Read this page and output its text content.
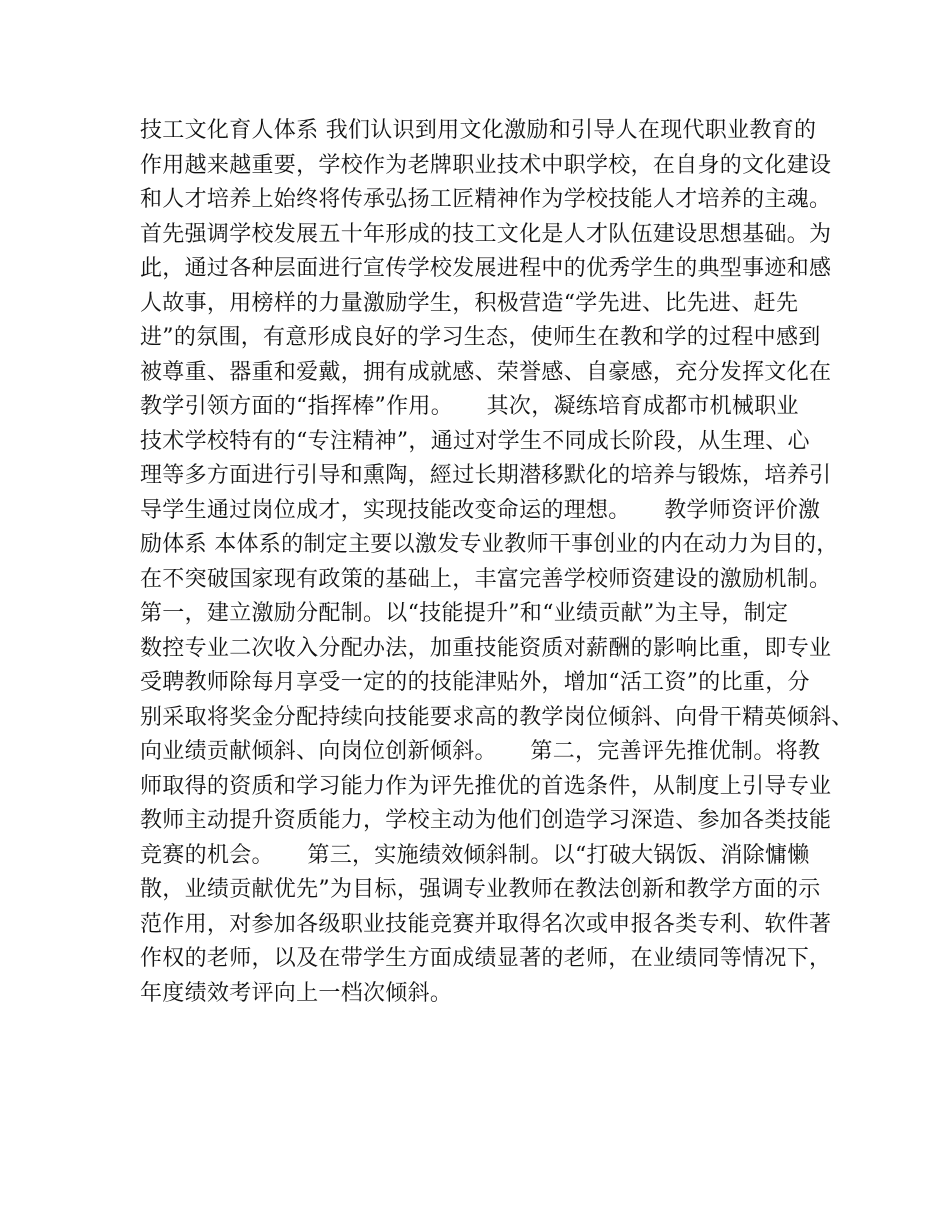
技工文化育人体系 我们认识到用文化激励和引导人在现代职业教育的
作用越来越重要，学校作为老牌职业技术中职学校，在自身的文化建设
和人才培养上始终将传承弘扬工匠精神作为学校技能人才培养的主魂。
首先强调学校发展五十年形成的技工文化是人才队伍建设思想基础。为
此，通过各种层面进行宣传学校发展进程中的优秀学生的典型事迹和感
人故事，用榜样的力量激励学生，积极营造“学先进、比先进、赶先
进”的氛围，有意形成良好的学习生态，使师生在教和学的过程中感到
被尊重、器重和爱戴，拥有成就感、荣誉感、自豪感，充分发挥文化在
教学引领方面的“指挥棒”作用。　　其次，凝练培育成都市机械职业
技术学校特有的“专注精神”，通过对学生不同成长阶段，从生理、心
理等多方面进行引导和熏陶，經过长期潜移默化的培养与锻炼，培养引
导学生通过岗位成才，实现技能改变命运的理想。　　教学师资评价激
励体系 本体系的制定主要以激发专业教师干事创业的内在动力为目的，
在不突破国家现有政策的基础上，丰富完善学校师资建设的激励机制。
第一，建立激励分配制。以“技能提升”和“业绩贡献”为主导，制定
数控专业二次收入分配办法，加重技能资质对薪酬的影响比重，即专业
受聘教师除每月享受一定的的技能津贴外，增加“活工资”的比重，分
别采取将奖金分配持续向技能要求高的教学岗位倾斜、向骨干精英倾斜、
向业绩贡献倾斜、向岗位创新倾斜。　　第二，完善评先推优制。将教
师取得的资质和学习能力作为评先推优的首选条件，从制度上引导专业
教师主动提升资质能力，学校主动为他们创造学习深造、参加各类技能
竞赛的机会。　　第三，实施绩效倾斜制。以“打破大锅饭、消除慵懒
散，业绩贡献优先”为目标，强调专业教师在教法创新和教学方面的示
范作用，对参加各级职业技能竞赛并取得名次或申报各类专利、软件著
作权的老师，以及在带学生方面成绩显著的老师，在业绩同等情况下，
年度绩效考评向上一档次倾斜。
